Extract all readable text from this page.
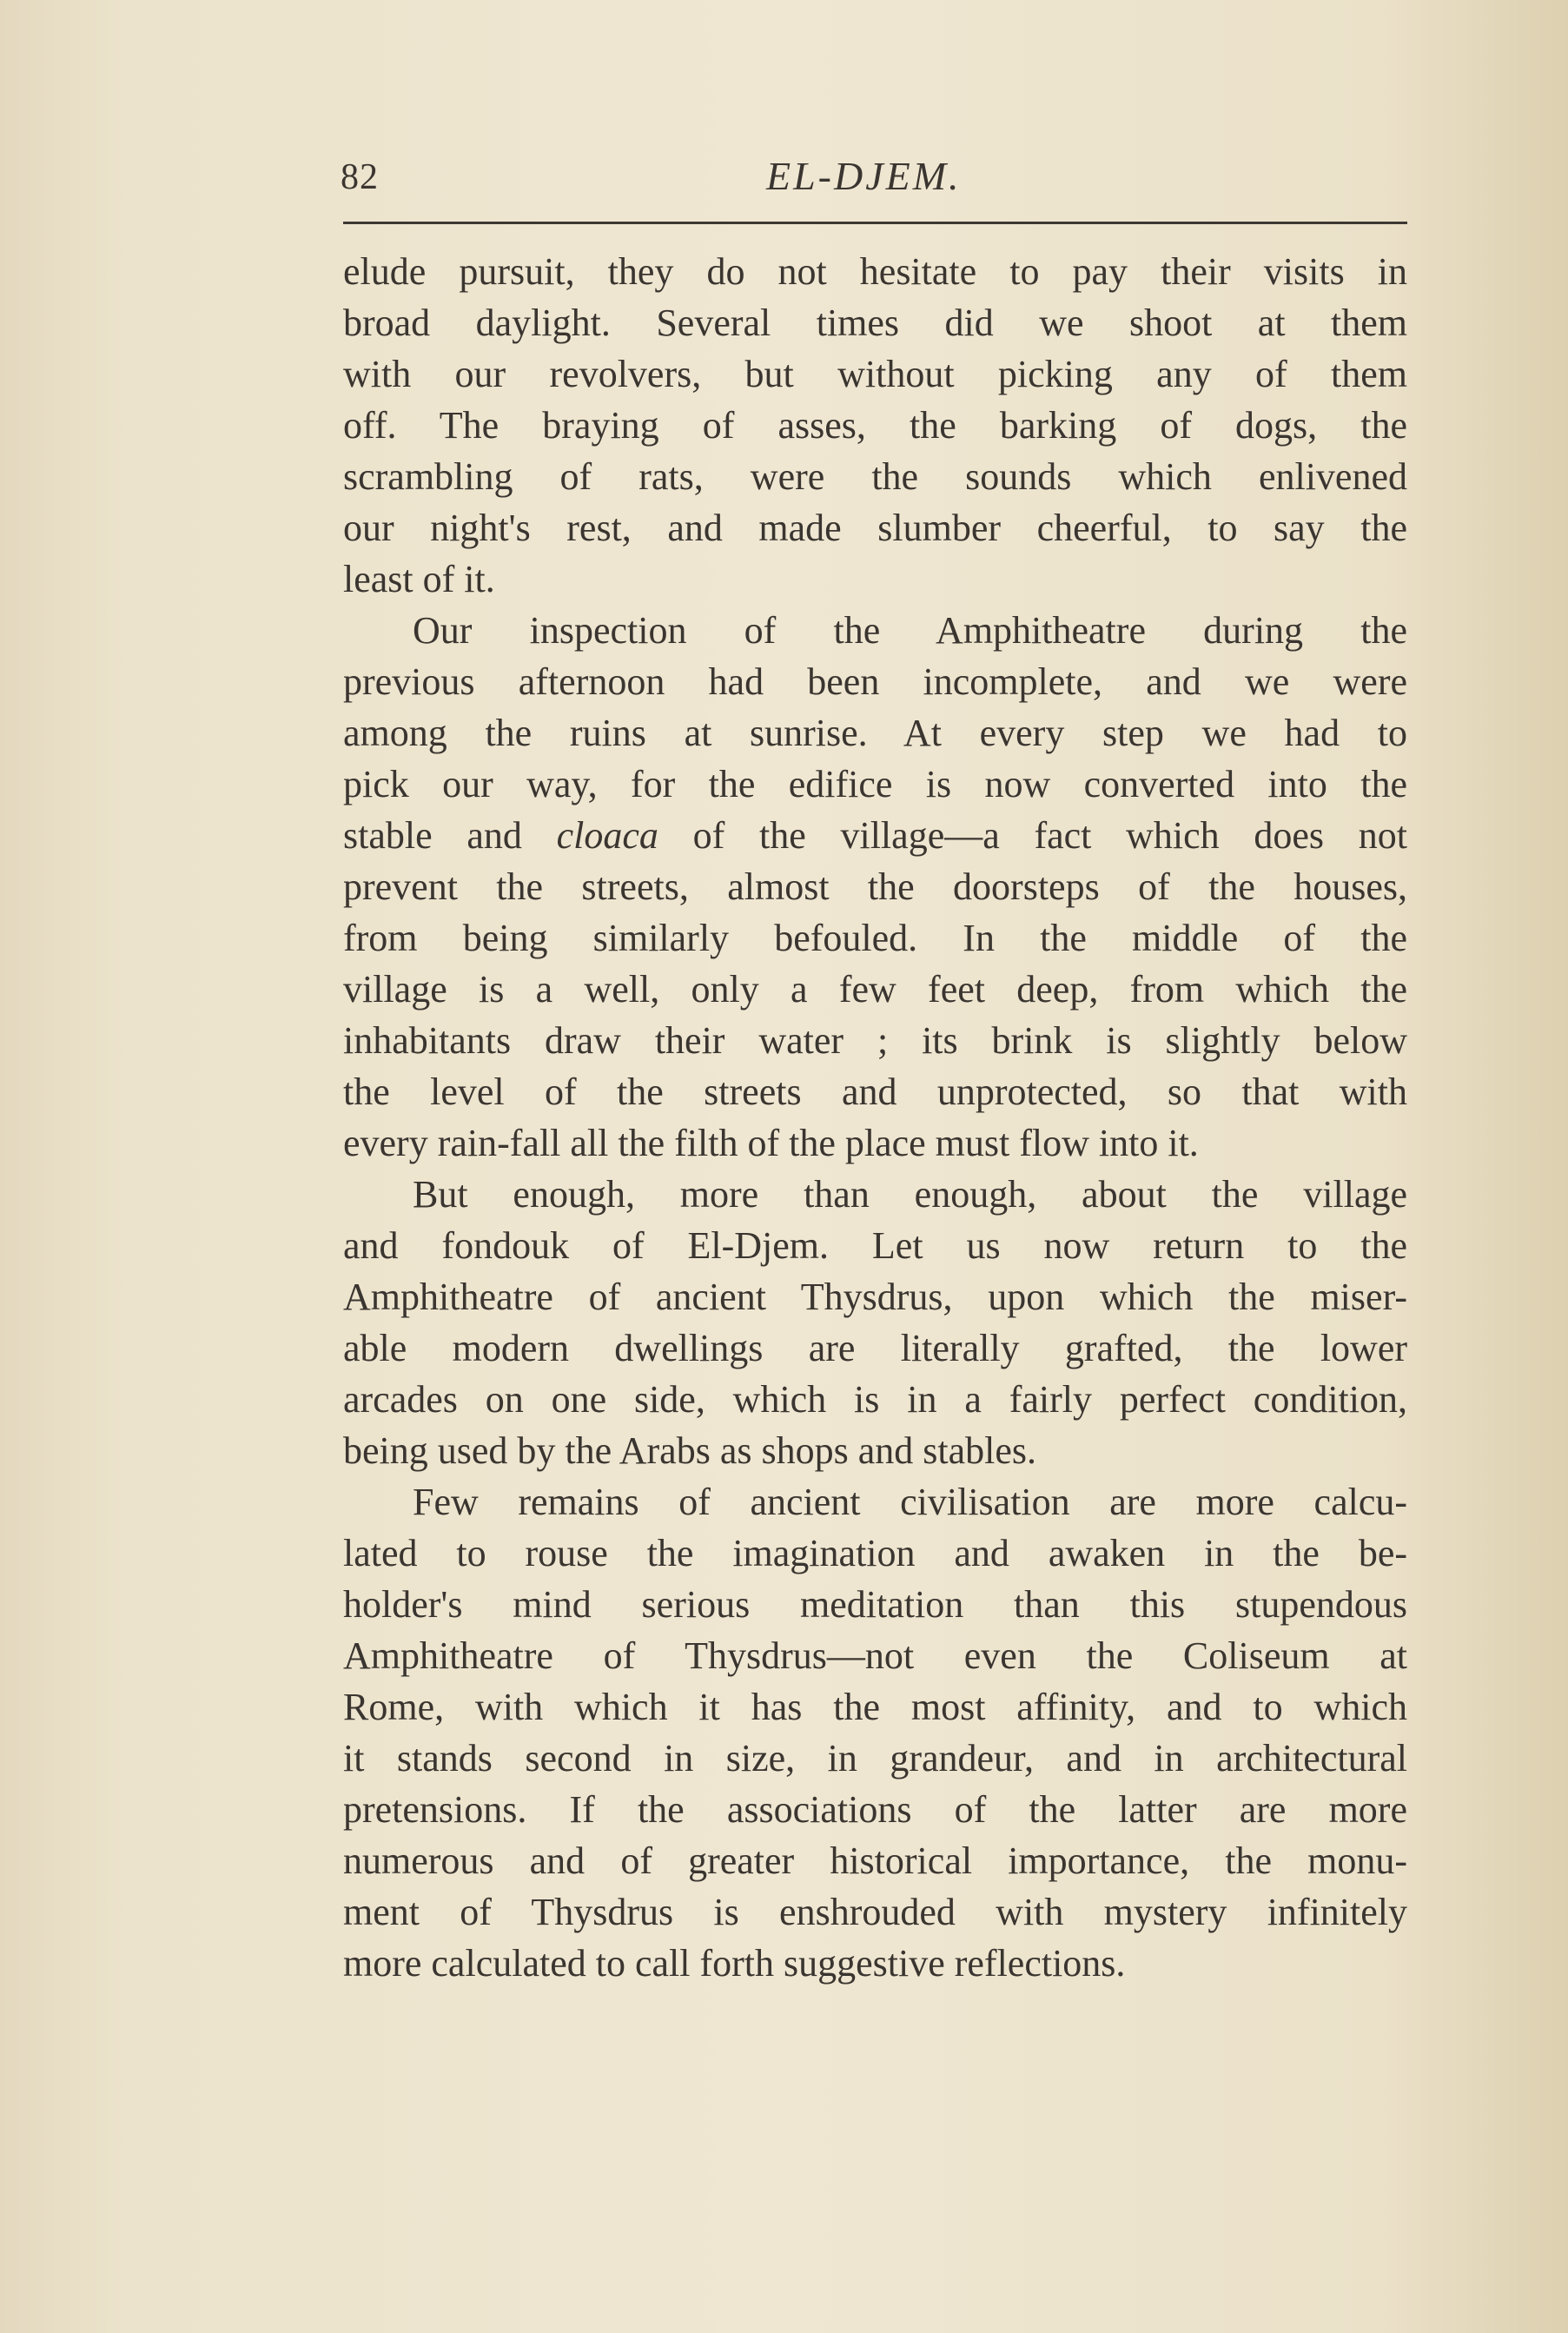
82	EL-DJEM.
elude pursuit, they do not hesitate to pay their visits in
broad daylight. Several times did we shoot at them
with our revolvers, but without picking any of them
off. The braying of asses, the barking of dogs, the
scrambling of rats, were the sounds which enlivened
our night's rest, and made slumber cheerful, to say the
least of it.
Our inspection of the Amphitheatre during the
previous afternoon had been incomplete, and we were
among the ruins at sunrise. At every step we had to
pick our way, for the edifice is now converted into the
stable and cloaca of the village—a fact which does not
prevent the streets, almost the doorsteps of the houses,
from being similarly befouled. In the middle of the
village is a well, only a few feet deep, from which the
inhabitants draw their water ; its brink is slightly below
the level of the streets and unprotected, so that with
every rain-fall all the filth of the place must flow into it.
But enough, more than enough, about the village
and fondouk of El-Djem. Let us now return to the
Amphitheatre of ancient Thysdrus, upon which the miser-
able modern dwellings are literally grafted, the lower
arcades on one side, which is in a fairly perfect condition,
being used by the Arabs as shops and stables.
Few remains of ancient civilisation are more calcu-
lated to rouse the imagination and awaken in the be-
holder's mind serious meditation than this stupendous
Amphitheatre of Thysdrus—not even the Coliseum at
Rome, with which it has the most affinity, and to which
it stands second in size, in grandeur, and in architectural
pretensions. If the associations of the latter are more
numerous and of greater historical importance, the monu-
ment of Thysdrus is enshrouded with mystery infinitely
more calculated to call forth suggestive reflections.
